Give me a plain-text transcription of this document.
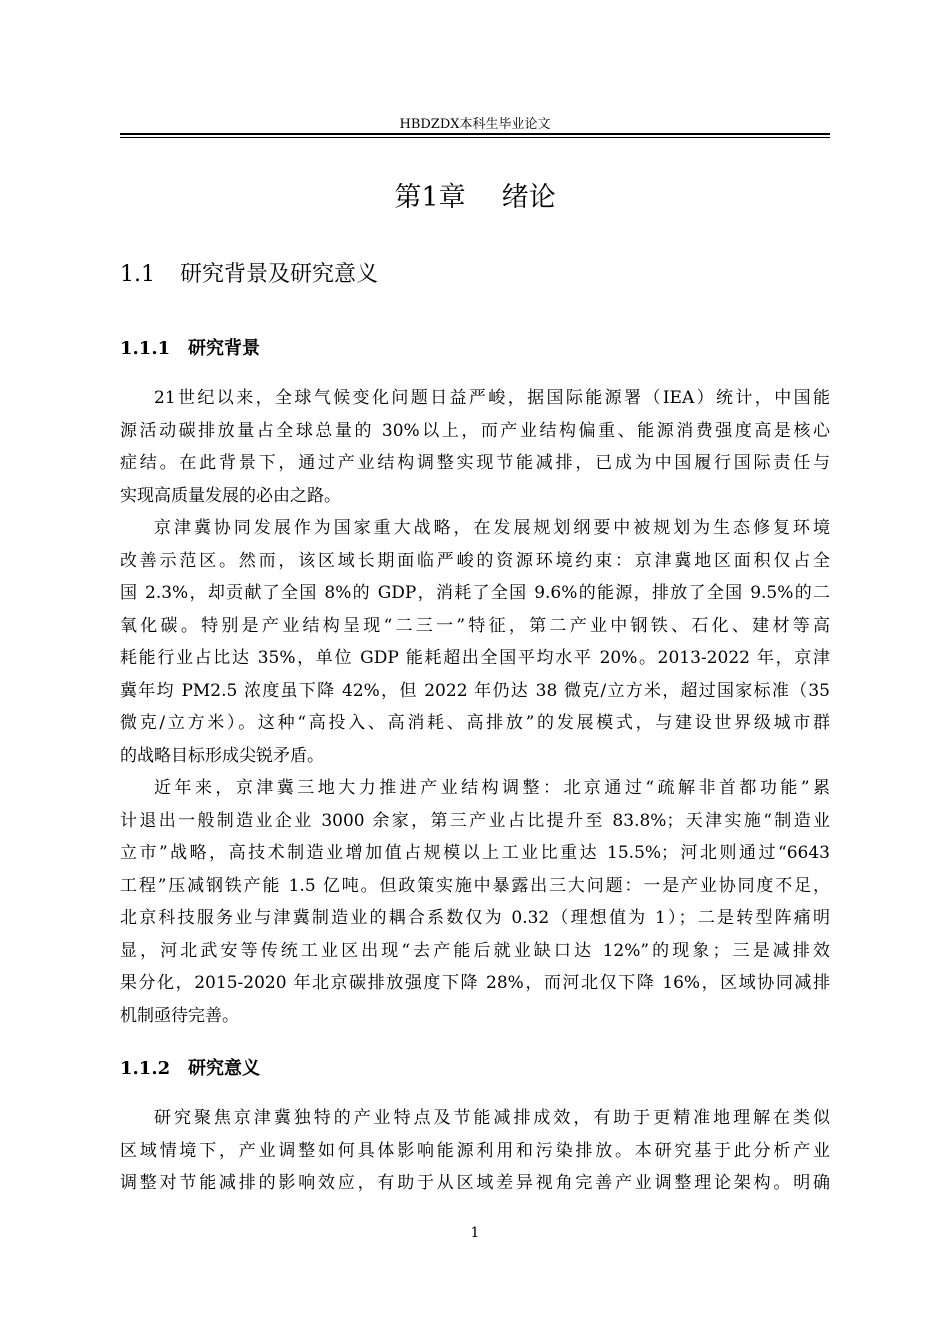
HBDZDX本科生毕业论文
第1章 绪论
1.1 研究背景及研究意义
1.1.1 研究背景
21世纪以来，全球气候变化问题日益严峻，据国际能源署（IEA）统计，中国能
源活动碳排放量占全球总量的 30%以上，而产业结构偏重、能源消费强度高是核心
症结。在此背景下，通过产业结构调整实现节能减排，已成为中国履行国际责任与
实现高质量发展的必由之路。
京津冀协同发展作为国家重大战略，在发展规划纲要中被规划为生态修复环境
改善示范区。然而，该区域长期面临严峻的资源环境约束：京津冀地区面积仅占全
国 2.3%，却贡献了全国 8%的 GDP，消耗了全国 9.6%的能源，排放了全国 9.5%的二
氧化碳。特别是产业结构呈现“二三一”特征，第二产业中钢铁、石化、建材等高
耗能行业占比达 35%，单位 GDP 能耗超出全国平均水平 20%。2013-2022 年，京津
冀年均 PM2.5 浓度虽下降 42%，但 2022 年仍达 38 微克/立方米，超过国家标准（35
微克/立方米）。这种“高投入、高消耗、高排放”的发展模式，与建设世界级城市群
的战略目标形成尖锐矛盾。
近年来，京津冀三地大力推进产业结构调整：北京通过“疏解非首都功能”累
计退出一般制造业企业 3000 余家，第三产业占比提升至 83.8%；天津实施“制造业
立市”战略，高技术制造业增加值占规模以上工业比重达 15.5%；河北则通过“6643
工程”压减钢铁产能 1.5 亿吨。但政策实施中暴露出三大问题：一是产业协同度不足，
北京科技服务业与津冀制造业的耦合系数仅为 0.32（理想值为 1）；二是转型阵痛明
显，河北武安等传统工业区出现“去产能后就业缺口达 12%”的现象；三是减排效
果分化，2015-2020 年北京碳排放强度下降 28%，而河北仅下降 16%，区域协同减排
机制亟待完善。
1.1.2 研究意义
研究聚焦京津冀独特的产业特点及节能减排成效，有助于更精准地理解在类似
区域情境下，产业调整如何具体影响能源利用和污染排放。本研究基于此分析产业
调整对节能减排的影响效应，有助于从区域差异视角完善产业调整理论架构。明确
1
